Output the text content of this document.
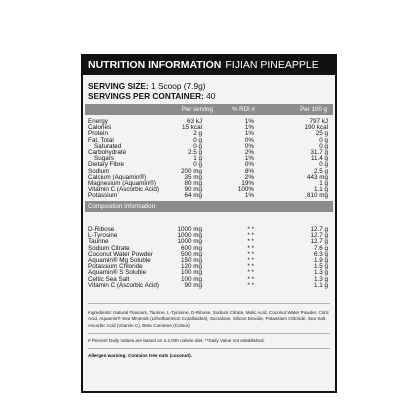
NUTRITION INFORMATION FIJIAN PINEAPPLE
SERVING SIZE: 1 Scoop (7.9g)
SERVINGS PER CONTAINER: 40
Per serving	% RDI #	Per 100 g
Energy	63 kJ	1%	797 kJ
Calories	15 kcal	1%	190 kcal
Protein	2 g	1%	25 g
Fat, Total	0 g	0%	0 g
Saturated	0 g	0%	0 g
Carbohydrate	2.5 g	2%	31.7 g
Sugars	1 g	1%	11.4 g
Dietary Fibre	0 g	0%	0 g
Sodium	200 mg	8%	2.5 g
Calcium (Aquamin®)	35 mg	2%	443 mg
Magnesium (Aquamin®)	80 mg	19%	1 g
Vitamin C (Ascorbic Acid)	90 mg	100%	1.1 g
Potassium	64 mg	1%	810 mg
Composition Information
D-Ribose	1000 mg	* *	12.7 g
L-Tyrosine	1000 mg	* *	12.7 g
Taurine	1000 mg	* *	12.7 g
Sodium Citrate	600 mg	* *	7.6 g
Coconut Water Powder	500 mg	* *	6.3 g
Aquamin® Mg Soluble	150 mg	* *	1.9 g
Potassium Chloride	120 mg	* *	1.5 g
Aquamin® S Soluble	100 mg	* *	1.3 g
Celtic Sea Salt	100 mg	* *	1.3 g
Vitamin C (Ascorbic Acid)	90 mg	* *	1.1 g
Ingredients: Natural Flavours, Taurine, L-Tyrosine, D-Ribose, Sodium Citrate, Malic Acid, Coconut Water Powder, Citric Acid, Aquamin® Sea Minerals (Lithothamnion Corallioides), Sucralose, Silicon Dioxide, Potassium Chloride, Sea Salt, Ascorbic Acid (Vitamin C), Beta Carotene (Colour)
# Percent Daily Values are based on a 2,000 calorie diet. **Daily Value not established.
Allergen warning: Contains tree nuts (coconut).
